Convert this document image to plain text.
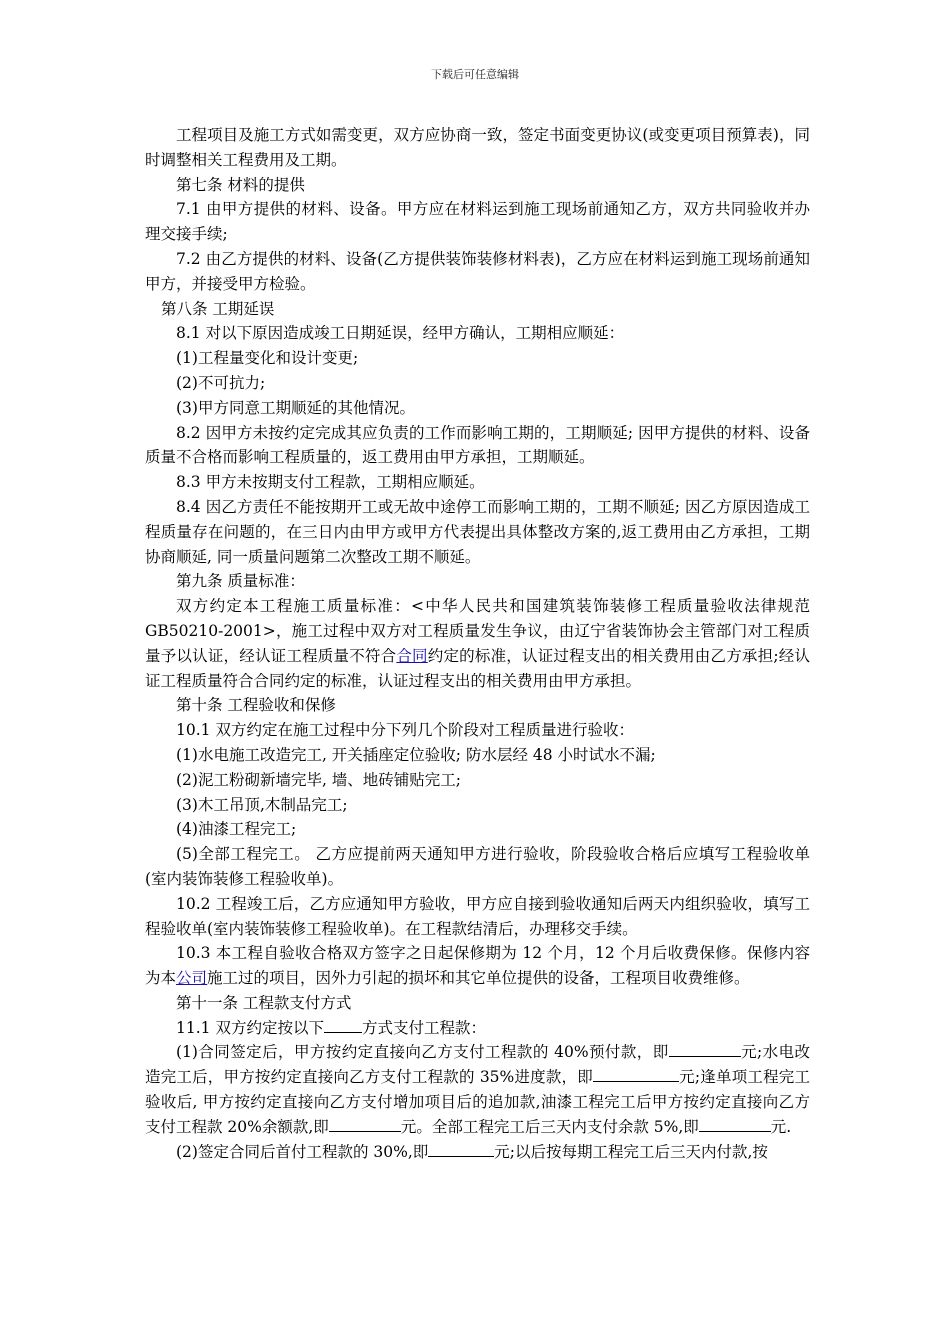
下载后可任意编辑

工程项目及施工方式如需变更，双方应协商一致，签定书面变更协议(或变更项目预算表)，同时调整相关工程费用及工期。

第七条 材料的提供

7.1 由甲方提供的材料、设备。甲方应在材料运到施工现场前通知乙方，双方共同验收并办理交接手续;

7.2 由乙方提供的材料、设备(乙方提供装饰装修材料表)，乙方应在材料运到施工现场前通知甲方，并接受甲方检验。

第八条 工期延误

8.1 对以下原因造成竣工日期延误，经甲方确认，工期相应顺延：

(1)工程量变化和设计变更;

(2)不可抗力;

(3)甲方同意工期顺延的其他情况。

8.2 因甲方未按约定完成其应负责的工作而影响工期的，工期顺延; 因甲方提供的材料、设备质量不合格而影响工程质量的，返工费用由甲方承担，工期顺延。

8.3 甲方未按期支付工程款，工期相应顺延。

8.4 因乙方责任不能按期开工或无故中途停工而影响工期的，工期不顺延; 因乙方原因造成工程质量存在问题的，在三日内由甲方或甲方代表提出具体整改方案的,返工费用由乙方承担，工期协商顺延, 同一质量问题第二次整改工期不顺延。

第九条 质量标准：

双方约定本工程施工质量标准：<中华人民共和国建筑装饰装修工程质量验收法律规范 GB50210-2001>，施工过程中双方对工程质量发生争议，由辽宁省装饰协会主管部门对工程质量予以认证，经认证工程质量不符合合同约定的标准，认证过程支出的相关费用由乙方承担;经认证工程质量符合合同约定的标准，认证过程支出的相关费用由甲方承担。

第十条 工程验收和保修

10.1 双方约定在施工过程中分下列几个阶段对工程质量进行验收：

(1)水电施工改造完工, 开关插座定位验收; 防水层经 48 小时试水不漏;

(2)泥工粉砌新墙完毕, 墙、地砖铺贴完工;

(3)木工吊顶,木制品完工;

(4)油漆工程完工;

(5)全部工程完工。 乙方应提前两天通知甲方进行验收，阶段验收合格后应填写工程验收单(室内装饰装修工程验收单)。

10.2 工程竣工后，乙方应通知甲方验收，甲方应自接到验收通知后两天内组织验收，填写工程验收单(室内装饰装修工程验收单)。在工程款结清后，办理移交手续。

10.3 本工程自验收合格双方签字之日起保修期为 12 个月，12 个月后收费保修。保修内容为本公司施工过的项目，因外力引起的损坏和其它单位提供的设备，工程项目收费维修。

第十一条 工程款支付方式

11.1 双方约定按以下 方式支付工程款：

(1)合同签定后，甲方按约定直接向乙方支付工程款的 40%预付款，即	元;水电改造完工后，甲方按约定直接向乙方支付工程款的 35%进度款，即	元;逢单项工程完工验收后, 甲方按约定直接向乙方支付增加项目后的追加款,油漆工程完工后甲方按约定直接向乙方支付工程款 20%余额款,即	元。全部工程完工后三天内支付余款 5%,即	元.

(2)签定合同后首付工程款的 30%,即	元;以后按每期工程完工后三天内付款,按
